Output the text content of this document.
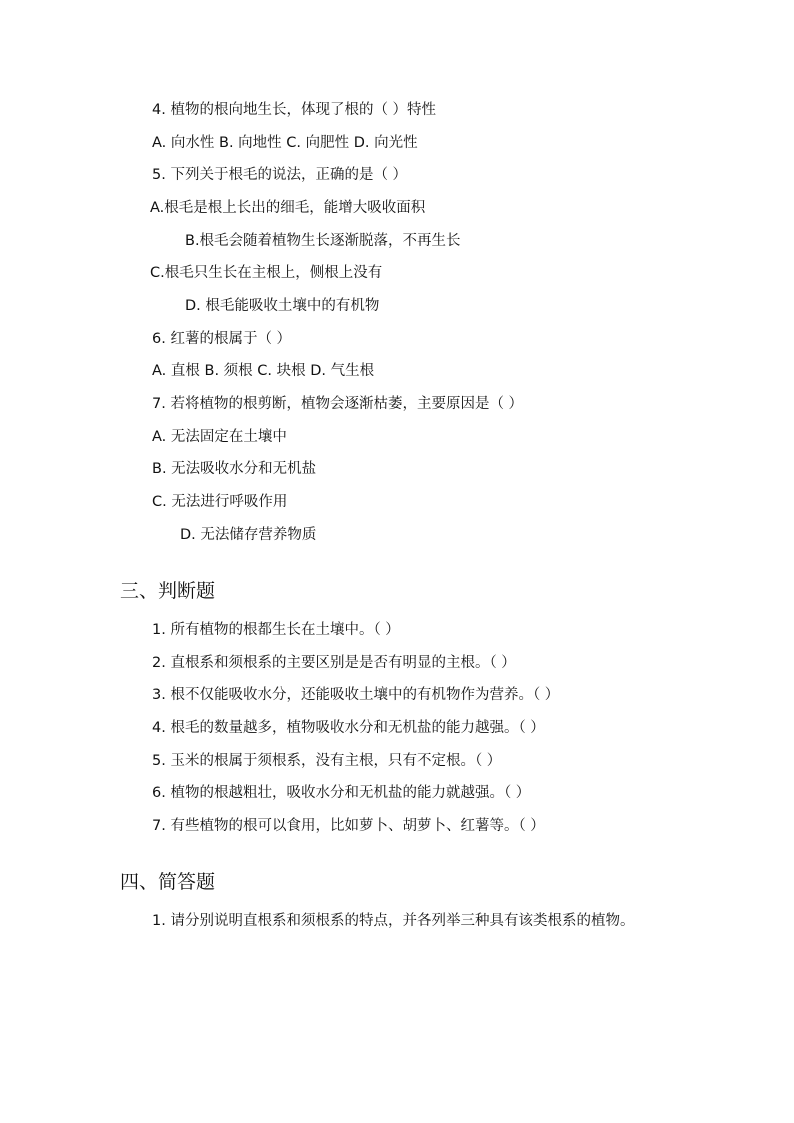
4. 植物的根向地生长，体现了根的（ ）特性
A. 向水性 B. 向地性 C. 向肥性 D. 向光性
5. 下列关于根毛的说法，正确的是（ ）
A.根毛是根上长出的细毛，能增大吸收面积
B.根毛会随着植物生长逐渐脱落，不再生长
C.根毛只生长在主根上，侧根上没有
D. 根毛能吸收土壤中的有机物
6. 红薯的根属于（ ）
A. 直根 B. 须根 C. 块根 D. 气生根
7. 若将植物的根剪断，植物会逐渐枯萎，主要原因是（ ）
A. 无法固定在土壤中
B. 无法吸收水分和无机盐
C. 无法进行呼吸作用
D. 无法储存营养物质
三、判断题
1. 所有植物的根都生长在土壤中。（ ）
2. 直根系和须根系的主要区别是是否有明显的主根。（ ）
3. 根不仅能吸收水分，还能吸收土壤中的有机物作为营养。（ ）
4. 根毛的数量越多，植物吸收水分和无机盐的能力越强。（ ）
5. 玉米的根属于须根系，没有主根，只有不定根。（ ）
6. 植物的根越粗壮，吸收水分和无机盐的能力就越强。（ ）
7. 有些植物的根可以食用，比如萝卜、胡萝卜、红薯等。（ ）
四、简答题
1. 请分别说明直根系和须根系的特点，并各列举三种具有该类根系的植物。
